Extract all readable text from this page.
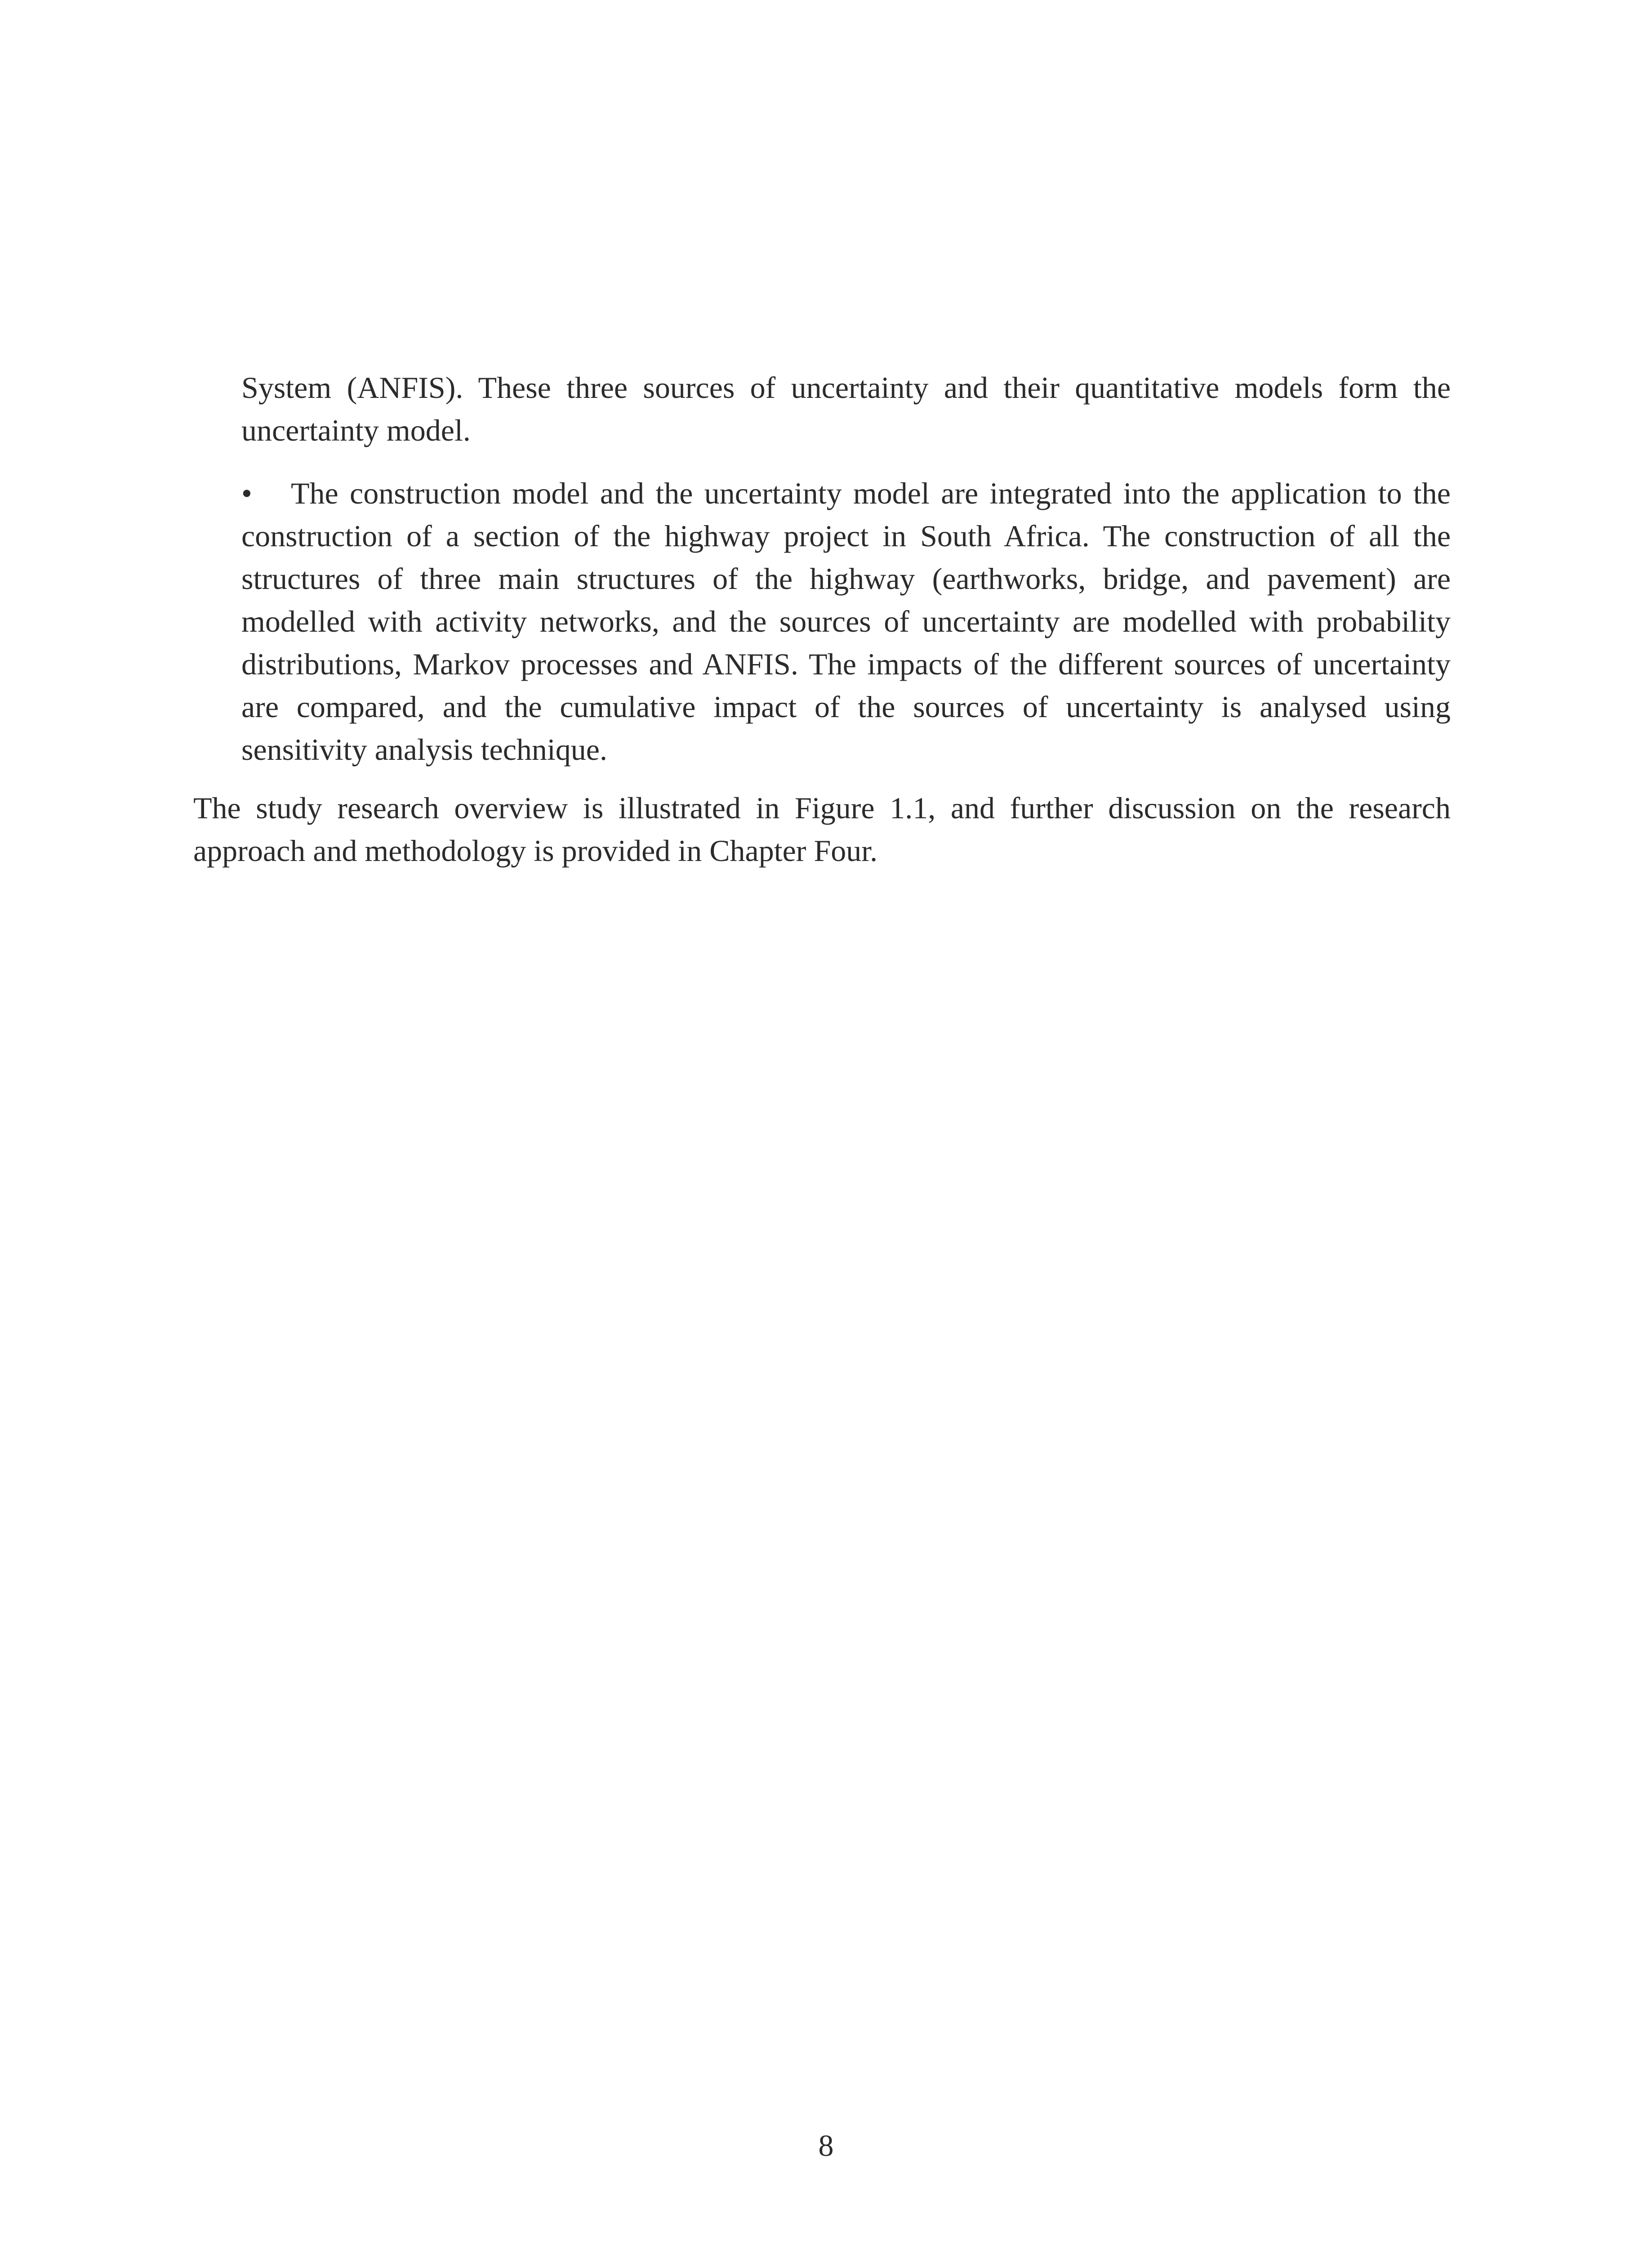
System (ANFIS). These three sources of uncertainty and their quantitative models form the uncertainty model.

• The construction model and the uncertainty model are integrated into the application to the construction of a section of the highway project in South Africa. The construction of all the structures of three main structures of the highway (earthworks, bridge, and pavement) are modelled with activity networks, and the sources of uncertainty are modelled with probability distributions, Markov processes and ANFIS. The impacts of the different sources of uncertainty are compared, and the cumulative impact of the sources of uncertainty is analysed using sensitivity analysis technique.

The study research overview is illustrated in Figure 1.1, and further discussion on the research approach and methodology is provided in Chapter Four.

8
